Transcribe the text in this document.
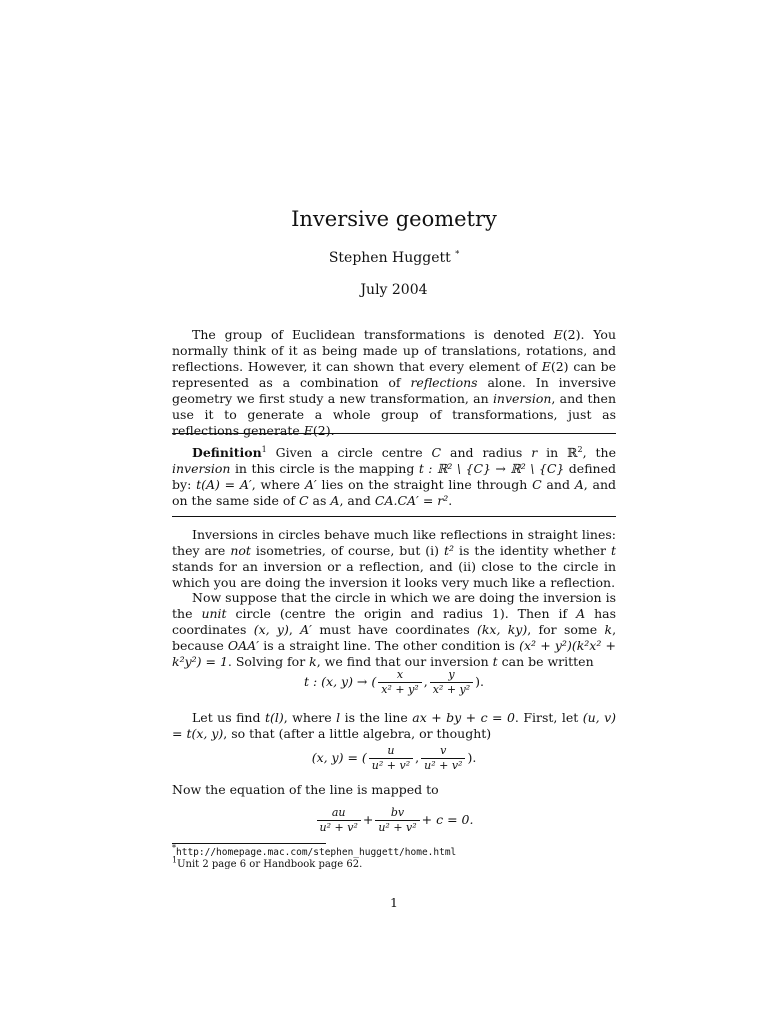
Inversive geometry
Stephen Huggett *
July 2004
The group of Euclidean transformations is denoted E(2). You normally think of it as being made up of translations, rotations, and reflections. However, it can shown that every element of E(2) can be represented as a combination of reflections alone. In inversive geometry we first study a new transformation, an inversion, and then use it to generate a whole group of transformations, just as reflections generate E(2).
Definition$^1$ Given a circle centre C and radius r in ℝ$^2$, the inversion in this circle is the mapping t : ℝ² \ {C} → ℝ² \ {C} defined by: t(A) = A′, where A′ lies on the straight line through C and A, and on the same side of C as A, and CA.CA′ = r².
Inversions in circles behave much like reflections in straight lines: they are not isometries, of course, but (i) t² is the identity whether t stands for an inversion or a reflection, and (ii) close to the circle in which you are doing the inversion it looks very much like a reflection.
Now suppose that the circle in which we are doing the inversion is the unit circle (centre the origin and radius 1). Then if A has coordinates (x, y), A′ must have coordinates (kx, ky), for some k, because OAA′ is a straight line. The other condition is (x² + y²)(k²x² + k²y²) = 1. Solving for k, we find that our inversion t can be written
t : (x, y) → ( $\frac{x}{\text{x² + y²}}$ , $\frac{y}{\text{x² + y²}}$ ).
Let us find t(l), where l is the line ax + by + c = 0. First, let (u, v) = t(x, y), so that (after a little algebra, or thought)
(x, y) = ( $\frac{u}{\text{u² + v²}}$ , $\frac{v}{\text{u² + v²}}$ ).
Now the equation of the line is mapped to
$\frac{au}{\text{u² + v²}} + \frac{bv}{\text{u² + v²}} + c = 0$.
*http://homepage.mac.com/stephen_huggett/home.html
$^1$Unit 2 page 6 or Handbook page 62.
1
